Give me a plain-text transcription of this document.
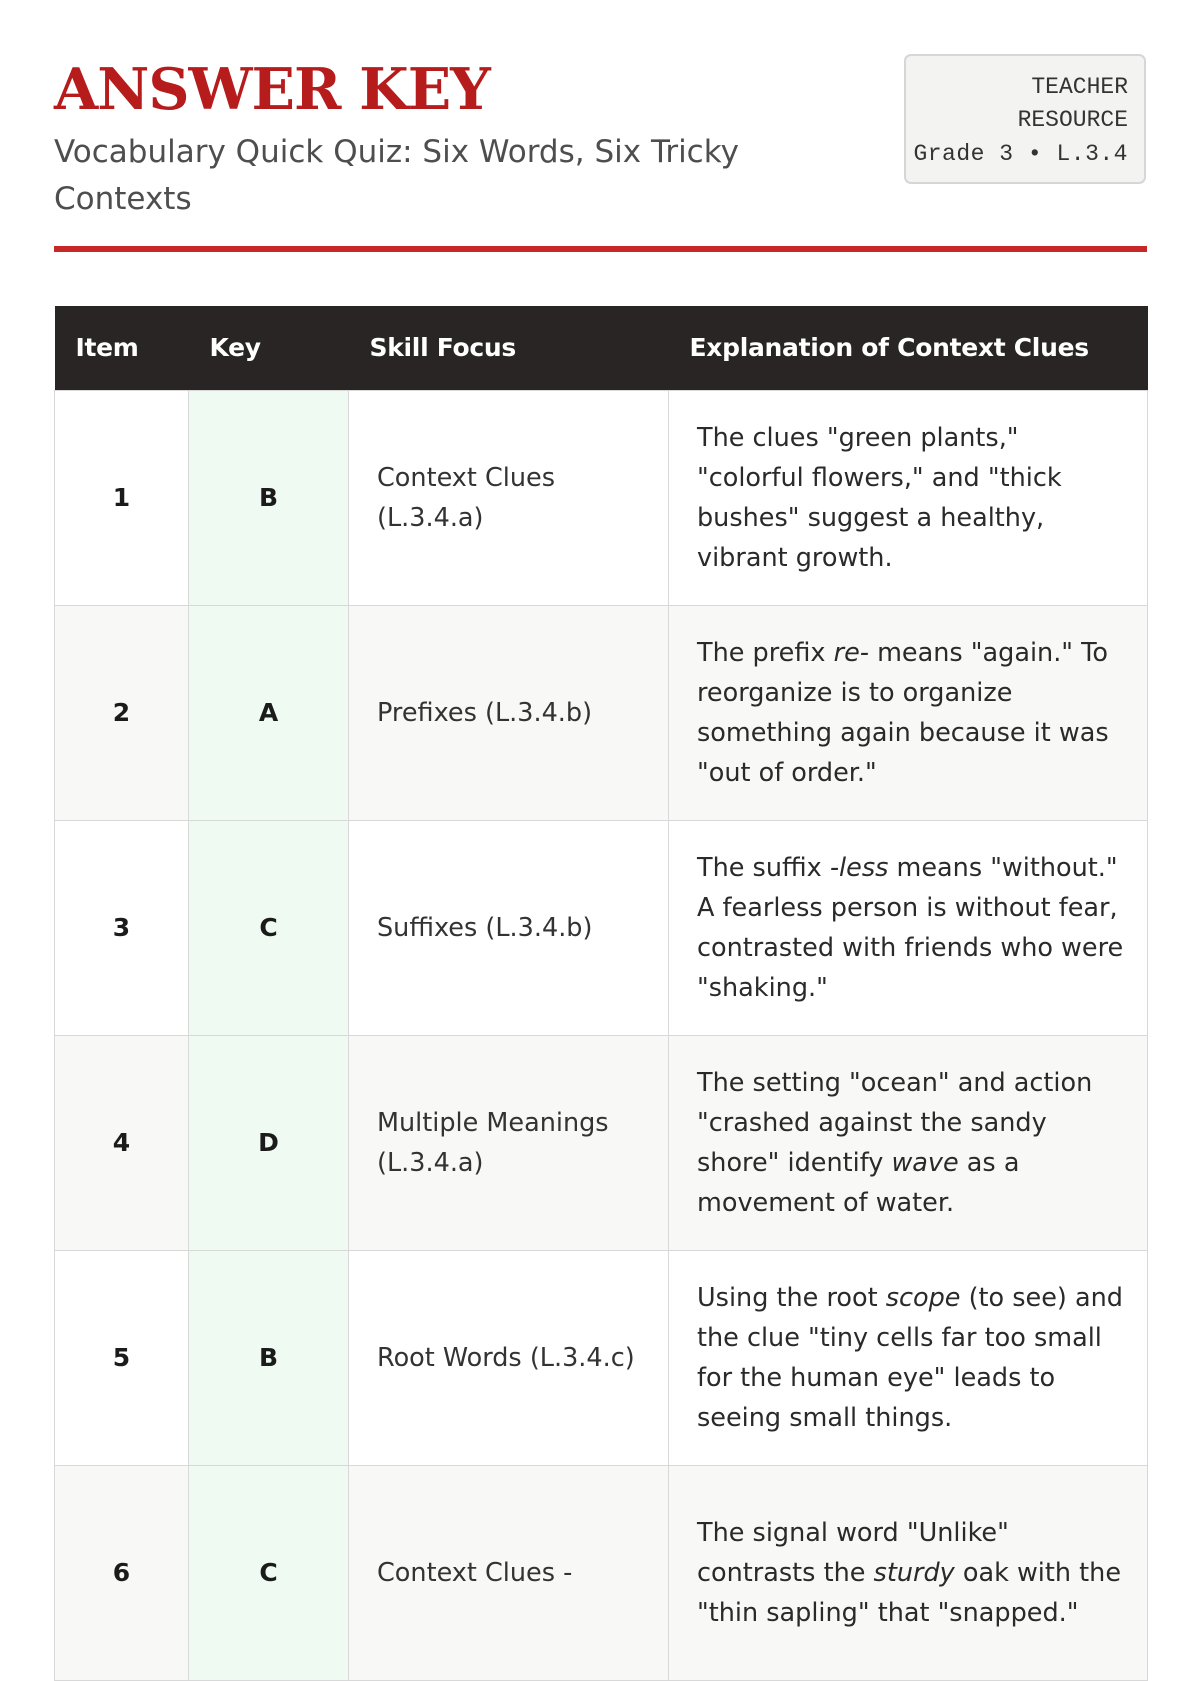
ANSWER KEY

Vocabulary Quick Quiz: Six Words, Six Tricky Contexts

TEACHER
RESOURCE
Grade 3 • L.3.4
Item	Key	Skill Focus	Explanation of Context Clues
1	B	Context Clues (L.3.4.a)	The clues "green plants," "colorful flowers," and "thick bushes" suggest a healthy, vibrant growth.
2	A	Prefixes (L.3.4.b)	The prefix re- means "again." To reorganize is to organize something again because it was "out of order."
3	C	Suffixes (L.3.4.b)	The suffix -less means "without." A fearless person is without fear, contrasted with friends who were "shaking."
4	D	Multiple Meanings (L.3.4.a)	The setting "ocean" and action "crashed against the sandy shore" identify wave as a movement of water.
5	B	Root Words (L.3.4.c)	Using the root scope (to see) and the clue "tiny cells far too small for the human eye" leads to seeing small things.
6	C	Context Clues -	The signal word "Unlike" contrasts the sturdy oak with the "thin sapling" that "snapped."
